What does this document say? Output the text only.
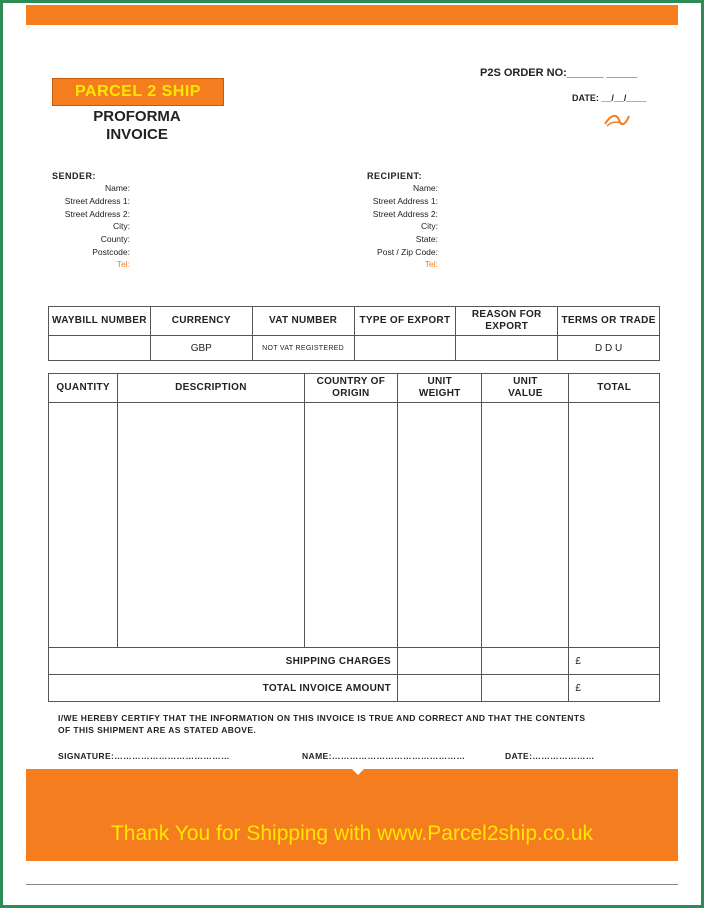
PARCEL 2 SHIP
PROFORMA
INVOICE
P2S ORDER NO:______ _____
DATE: __/__/____
SENDER:
Name:
Street Address 1:
Street Address 2:
City:
County:
Postcode:
Tel:
RECIPIENT:
Name:
Street Address 1:
Street Address 2:
City:
State:
Post / Zip Code:
Tel:
WAYBILL NUMBER	CURRENCY	VAT NUMBER	TYPE OF EXPORT	REASON FOR EXPORT	TERMS OR TRADE
	GBP	NOT VAT REGISTERED			D D U
QUANTITY	DESCRIPTION	COUNTRY OF ORIGIN	UNIT WEIGHT	UNIT VALUE	TOTAL

SHIPPING CHARGES					£
TOTAL INVOICE AMOUNT					£
I/WE HEREBY CERTIFY THAT THE INFORMATION ON THIS INVOICE IS TRUE AND CORRECT AND THAT THE CONTENTS
OF THIS SHIPMENT ARE AS STATED ABOVE.
SIGNATURE:…………………………………	NAME:………………………………………	DATE:…………………
Thank You for Shipping with www.Parcel2ship.co.uk
